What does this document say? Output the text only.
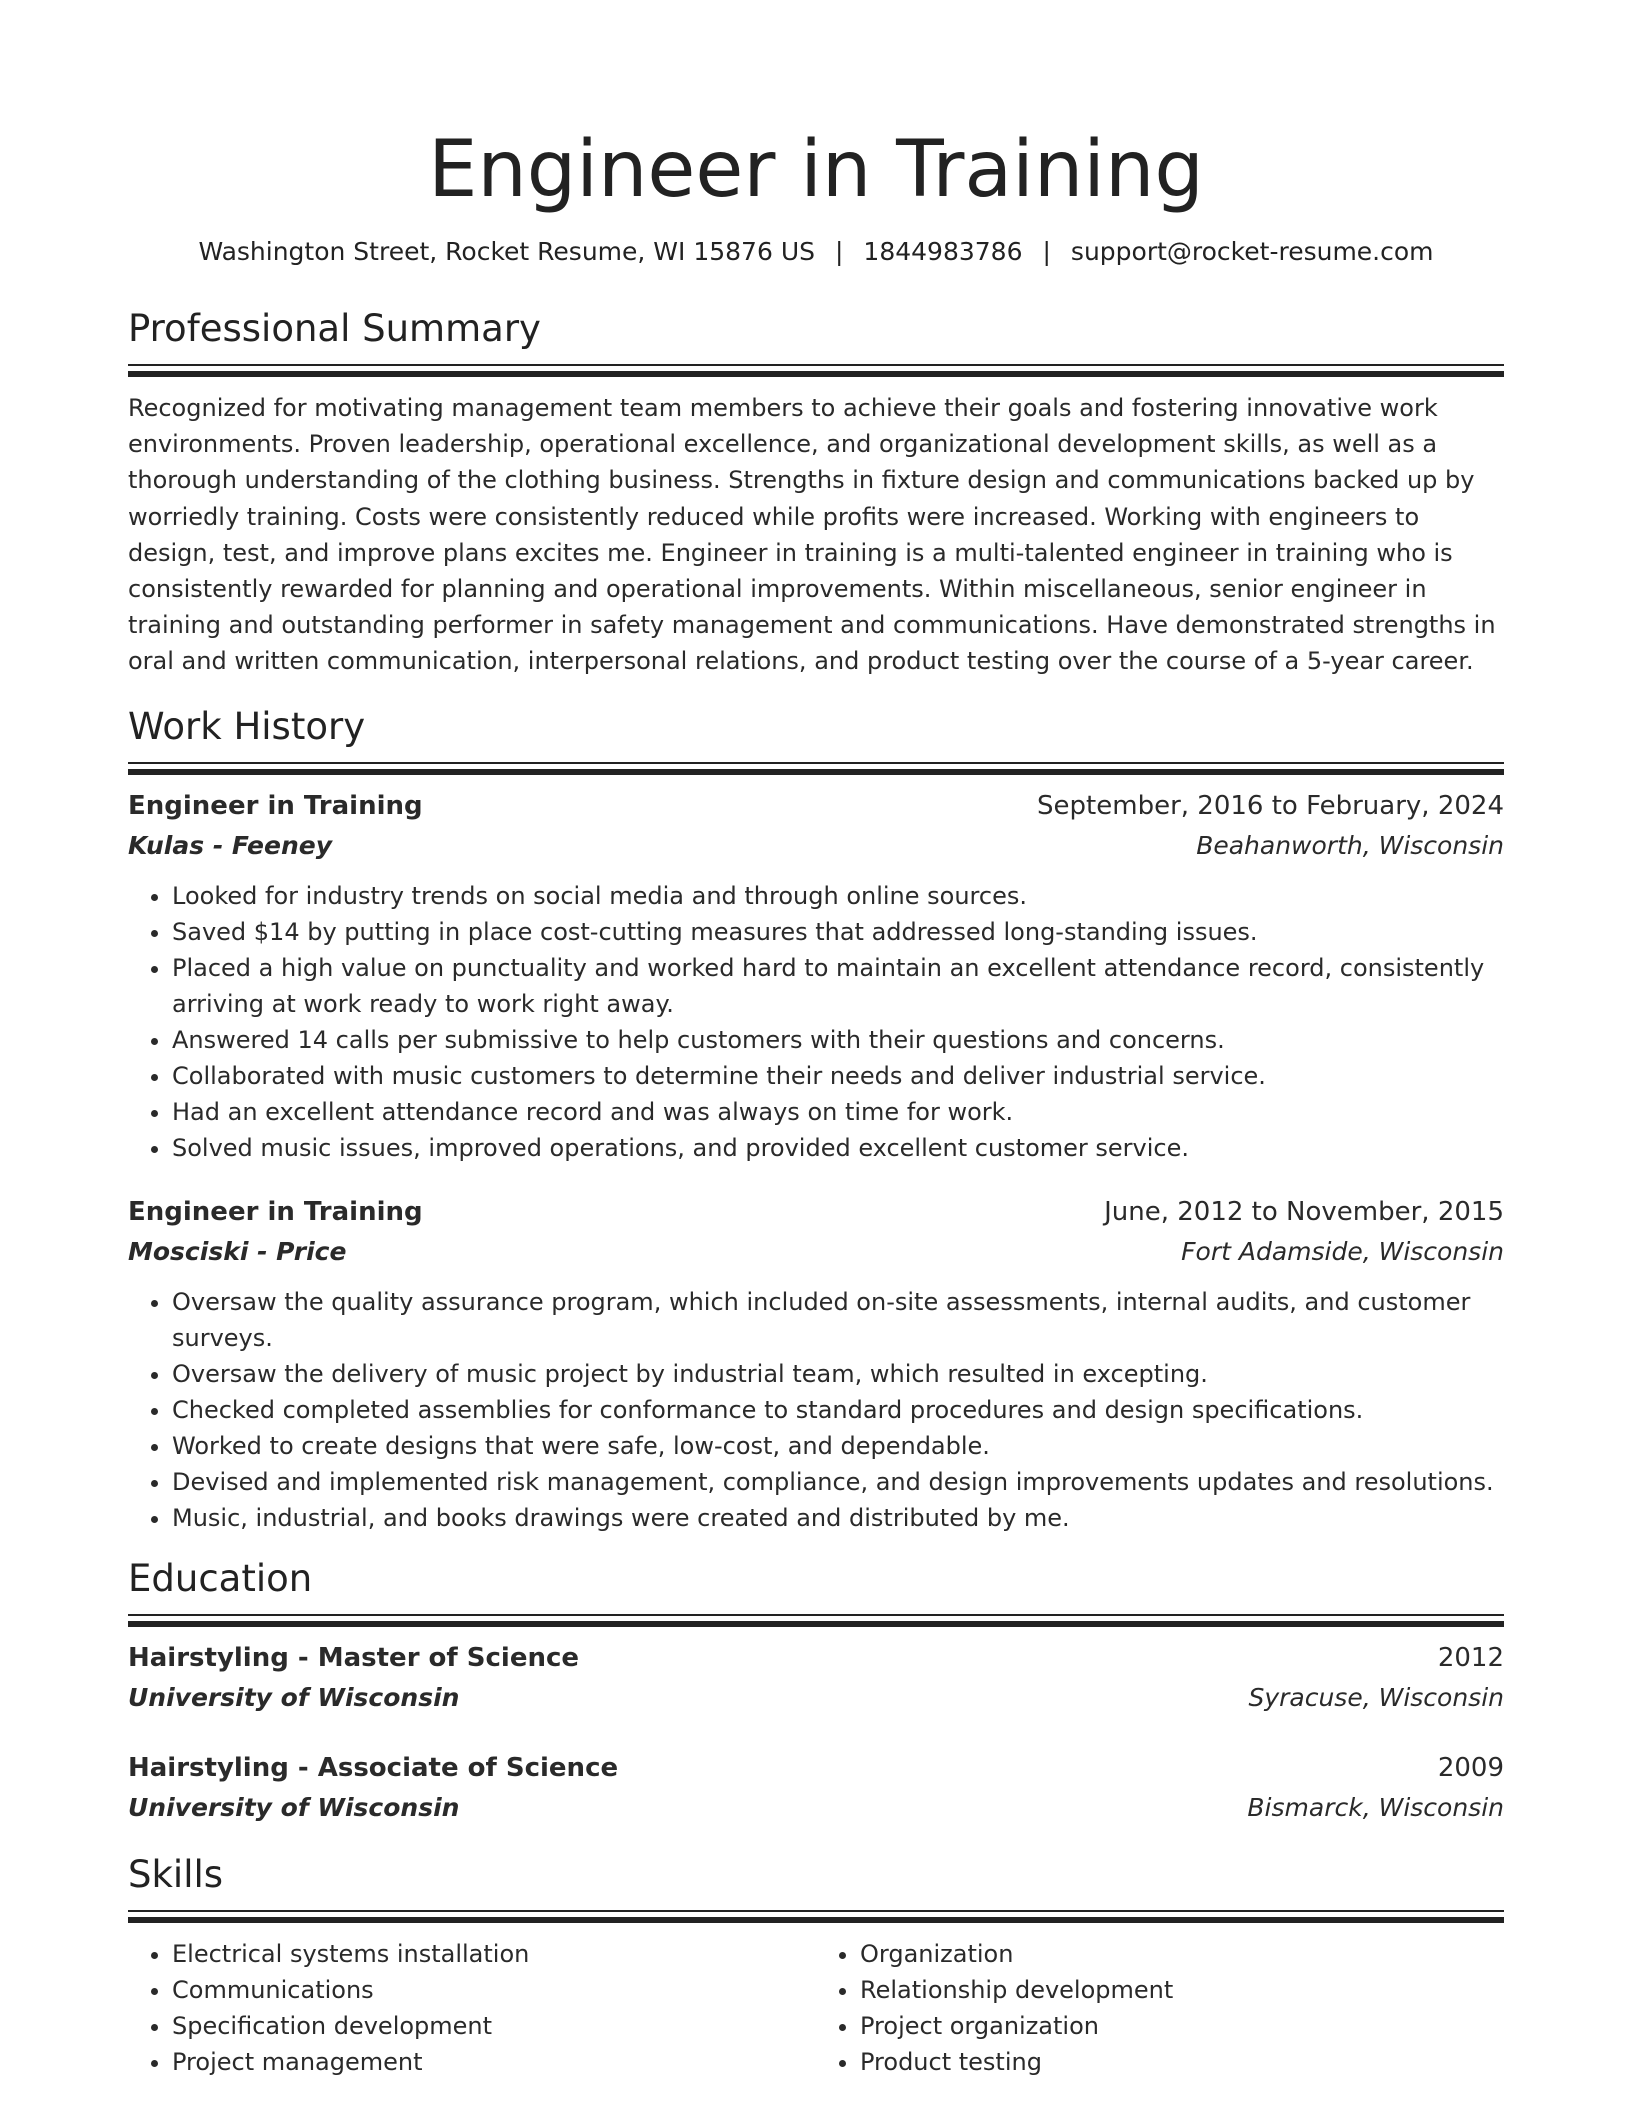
Engineer in Training
Washington Street, Rocket Resume, WI 15876 US | 1844983786 | support@rocket-resume.com
Professional Summary
Recognized for motivating management team members to achieve their goals and fostering innovative work environments. Proven leadership, operational excellence, and organizational development skills, as well as a thorough understanding of the clothing business. Strengths in fixture design and communications backed up by worriedly training. Costs were consistently reduced while profits were increased. Working with engineers to design, test, and improve plans excites me. Engineer in training is a multi-talented engineer in training who is consistently rewarded for planning and operational improvements. Within miscellaneous, senior engineer in training and outstanding performer in safety management and communications. Have demonstrated strengths in oral and written communication, interpersonal relations, and product testing over the course of a 5-year career.
Work History
Engineer in Training	September, 2016 to February, 2024
Kulas - Feeney	Beahanworth, Wisconsin
• Looked for industry trends on social media and through online sources.
• Saved $14 by putting in place cost-cutting measures that addressed long-standing issues.
• Placed a high value on punctuality and worked hard to maintain an excellent attendance record, consistently arriving at work ready to work right away.
• Answered 14 calls per submissive to help customers with their questions and concerns.
• Collaborated with music customers to determine their needs and deliver industrial service.
• Had an excellent attendance record and was always on time for work.
• Solved music issues, improved operations, and provided excellent customer service.
Engineer in Training	June, 2012 to November, 2015
Mosciski - Price	Fort Adamside, Wisconsin
• Oversaw the quality assurance program, which included on-site assessments, internal audits, and customer surveys.
• Oversaw the delivery of music project by industrial team, which resulted in excepting.
• Checked completed assemblies for conformance to standard procedures and design specifications.
• Worked to create designs that were safe, low-cost, and dependable.
• Devised and implemented risk management, compliance, and design improvements updates and resolutions.
• Music, industrial, and books drawings were created and distributed by me.
Education
Hairstyling - Master of Science	2012
University of Wisconsin	Syracuse, Wisconsin
Hairstyling - Associate of Science	2009
University of Wisconsin	Bismarck, Wisconsin
Skills
• Electrical systems installation
• Communications
• Specification development
• Project management
• Organization
• Relationship development
• Project organization
• Product testing
